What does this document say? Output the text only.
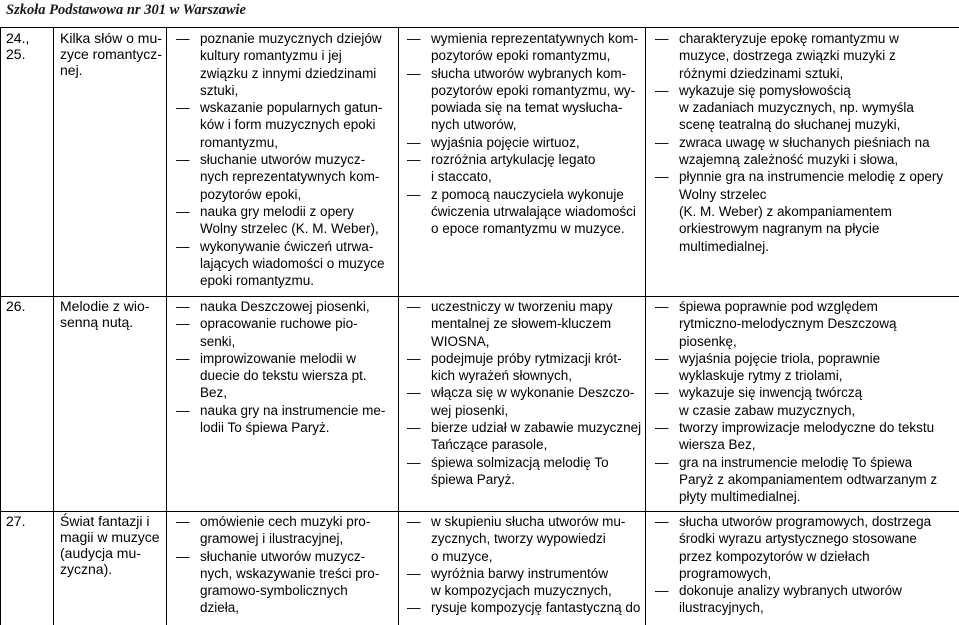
Szkoła Podstawowa nr 301 w Warszawie
24.,
25.
Kilka słów o mu-
zyce romantycz-
nej.
— poznanie muzycznych dziejów
kultury romantyzmu i jej
związku z innymi dziedzinami
sztuki,
— wskazanie popularnych gatun-
ków i form muzycznych epoki
romantyzmu,
— słuchanie utworów muzycz-
nych reprezentatywnych kom-
pozytorów epoki,
— nauka gry melodii z opery
Wolny strzelec (K. M. Weber),
— wykonywanie ćwiczeń utrwa-
lających wiadomości o muzyce
epoki romantyzmu.
— wymienia reprezentatywnych kom-
pozytorów epoki romantyzmu,
— słucha utworów wybranych kom-
pozytorów epoki romantyzmu, wy-
powiada się na temat wysłucha-
nych utworów,
— wyjaśnia pojęcie wirtuoz,
— rozróżnia artykulację legato
i staccato,
— z pomocą nauczyciela wykonuje
ćwiczenia utrwalające wiadomości
o epoce romantyzmu w muzyce.
— charakteryzuje epokę romantyzmu w
muzyce, dostrzega związki muzyki z
różnymi dziedzinami sztuki,
— wykazuje się pomysłowością
w zadaniach muzycznych, np. wymyśla
scenę teatralną do słuchanej muzyki,
— zwraca uwagę w słuchanych pieśniach na
wzajemną zależność muzyki i słowa,
— płynnie gra na instrumencie melodię z opery
Wolny strzelec
(K. M. Weber) z akompaniamentem
orkiestrowym nagranym na płycie
multimedialnej.
26.	Melodie z wio-
senną nutą.
— nauka Deszczowej piosenki,
— opracowanie ruchowe pio-
senki,
— improwizowanie melodii w
duecie do tekstu wiersza pt.
Bez,
— nauka gry na instrumencie me-
lodii To śpiewa Paryż.
— uczestniczy w tworzeniu mapy
mentalnej ze słowem-kluczem
WIOSNA,
— podejmuje próby rytmizacji krót-
kich wyrażeń słownych,
— włącza się w wykonanie Deszczo-
wej piosenki,
— bierze udział w zabawie muzycznej
Tańczące parasole,
— śpiewa solmizacją melodię To
śpiewa Paryż.
— śpiewa poprawnie pod względem
rytmiczno-melodycznym Deszczową
piosenkę,
— wyjaśnia pojęcie triola, poprawnie
wyklaskuje rytmy z triolami,
— wykazuje się inwencją twórczą
w czasie zabaw muzycznych,
— tworzy improwizacje melodyczne do tekstu
wiersza Bez,
— gra na instrumencie melodię To śpiewa
Paryż z akompaniamentem odtwarzanym z
płyty multimedialnej.
27.	Świat fantazji i
magii w muzyce
(audycja mu-
zyczna).
— omówienie cech muzyki pro-
gramowej i ilustracyjnej,
— słuchanie utworów muzycz-
nych, wskazywanie treści pro-
gramowo-symbolicznych
dzieła,
— w skupieniu słucha utworów mu-
zycznych, tworzy wypowiedzi
o muzyce,
— wyróżnia barwy instrumentów
w kompozycjach muzycznych,
— rysuje kompozycję fantastyczną do
— słucha utworów programowych, dostrzega
środki wyrazu artystycznego stosowane
przez kompozytorów w dziełach
programowych,
— dokonuje analizy wybranych utworów
ilustracyjnych,
